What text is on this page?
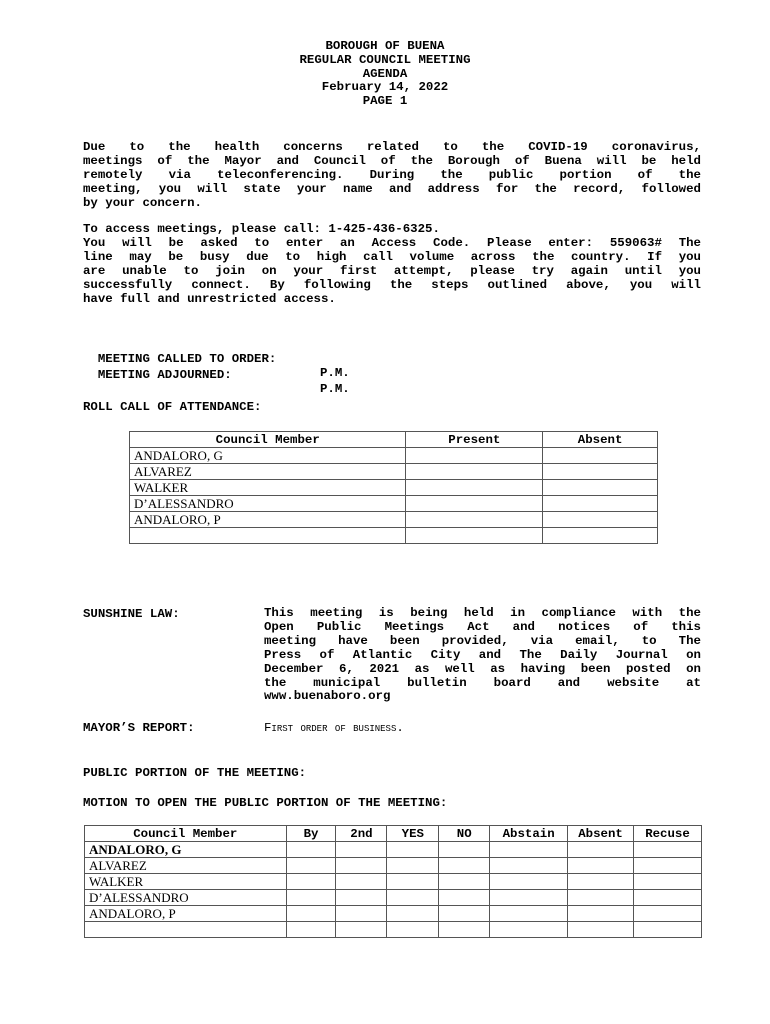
BOROUGH OF BUENA
REGULAR COUNCIL MEETING
AGENDA
February 14, 2022
PAGE 1
Due to the health concerns related to the COVID-19 coronavirus,
meetings of the Mayor and Council of the Borough of Buena will be held
remotely via teleconferencing. During the public portion of the
meeting, you will state your name and address for the record, followed
by your concern.
To access meetings, please call: 1-425-436-6325.
You will be asked to enter an Access Code. Please enter: 559063# The
line may be busy due to high call volume across the country. If you
are unable to join on your first attempt, please try again until you
successfully connect. By following the steps outlined above, you will
have full and unrestricted access.

MEETING CALLED TO ORDER:

P.M.

MEETING ADJOURNED:

P.M.

ROLL CALL OF ATTENDANCE:
Council Member	Present	Absent
ANDALORO, G		
ALVAREZ		
WALKER		
D’ALESSANDRO		
ANDALORO, P		

SUNSHINE LAW:	This meeting is being held in compliance with the
Open Public Meetings Act and notices of this
meeting have been provided, via email, to The
Press of Atlantic City and The Daily Journal on
December 6, 2021 as well as having been posted on
the municipal bulletin board and website at
www.buenaboro.org
MAYOR’S REPORT:	First order of business.
PUBLIC PORTION OF THE MEETING:
MOTION TO OPEN THE PUBLIC PORTION OF THE MEETING:
Council Member	By	2nd	YES	NO	Abstain	Absent	Recuse
ANDALORO, G							
ALVAREZ							
WALKER							
D’ALESSANDRO							
ANDALORO, P							
